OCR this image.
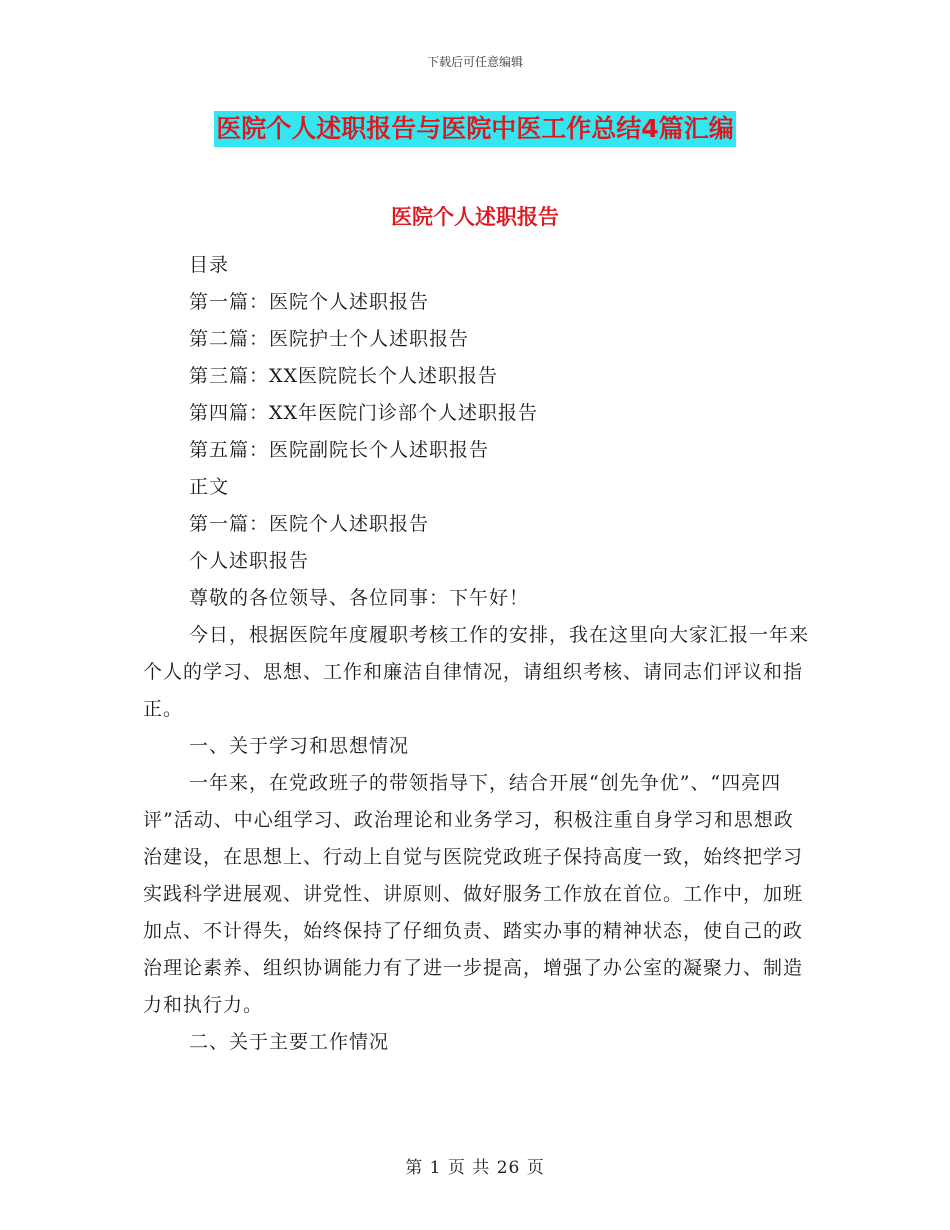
下载后可任意编辑
医院个人述职报告与医院中医工作总结4篇汇编
医院个人述职报告

目录

第一篇：医院个人述职报告

第二篇：医院护士个人述职报告

第三篇：XX医院院长个人述职报告

第四篇：XX年医院门诊部个人述职报告

第五篇：医院副院长个人述职报告

正文

第一篇：医院个人述职报告

个人述职报告

尊敬的各位领导、各位同事：下午好！

今日，根据医院年度履职考核工作的安排，我在这里向大家汇报一年来个人的学习、思想、工作和廉洁自律情况，请组织考核、请同志们评议和指正。

一、关于学习和思想情况

一年来，在党政班子的带领指导下，结合开展“创先争优”、“四亮四评”活动、中心组学习、政治理论和业务学习，积极注重自身学习和思想政治建设，在思想上、行动上自觉与医院党政班子保持高度一致，始终把学习实践科学进展观、讲党性、讲原则、做好服务工作放在首位。工作中，加班加点、不计得失，始终保持了仔细负责、踏实办事的精神状态，使自己的政治理论素养、组织协调能力有了进一步提高，增强了办公室的凝聚力、制造力和执行力。

二、关于主要工作情况

第 1 页 共 26 页
